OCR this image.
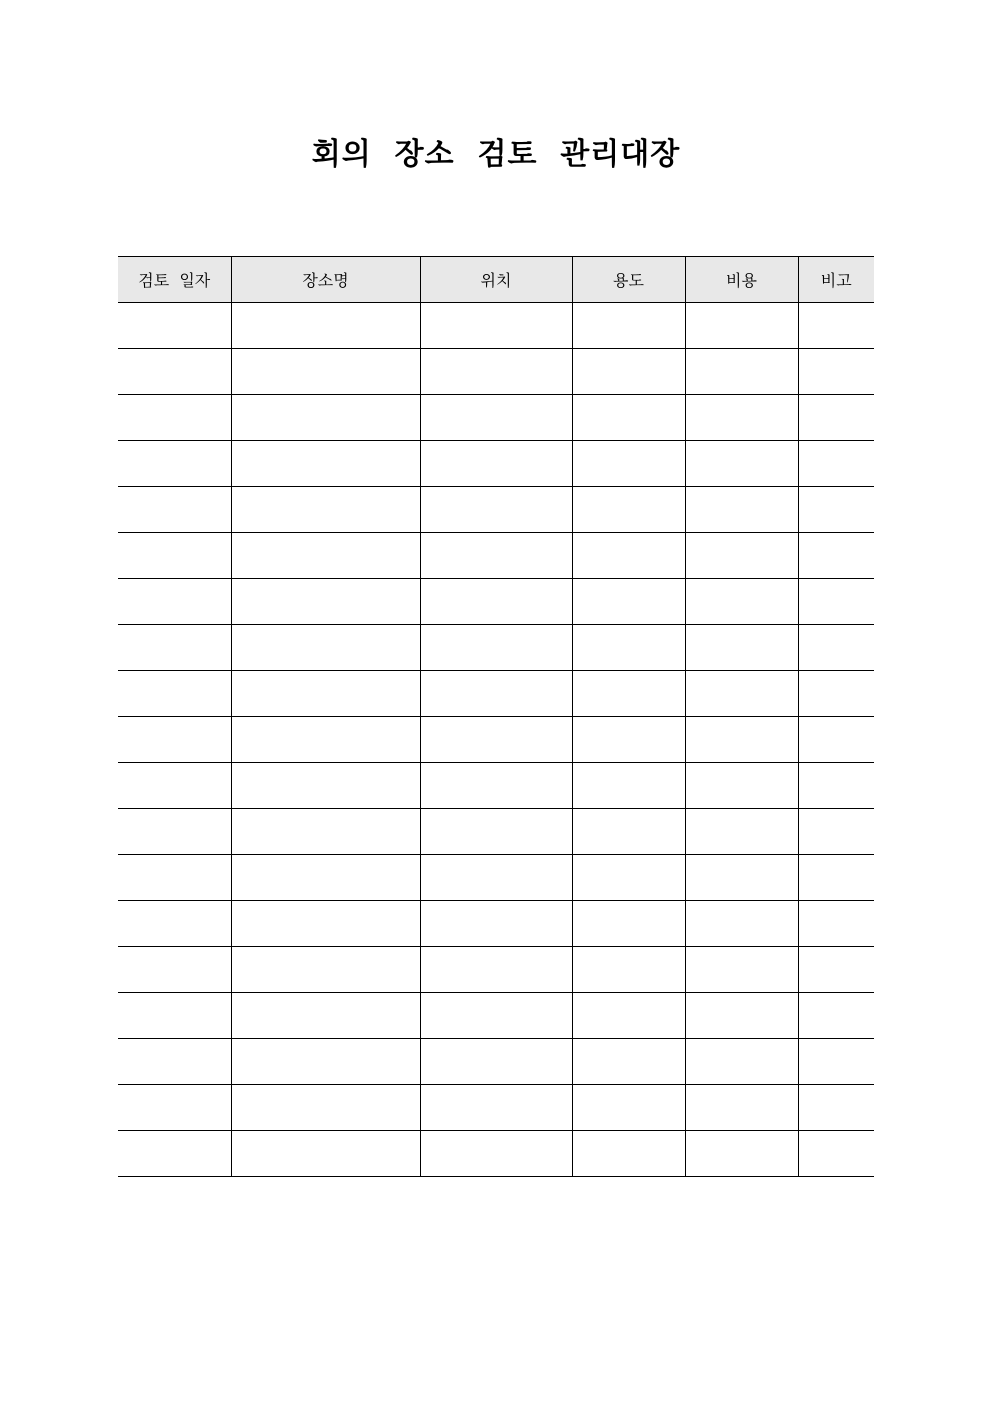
회의  장소  검토  관리대장
검토  일자	장소명	위치	용도	비용	비고
